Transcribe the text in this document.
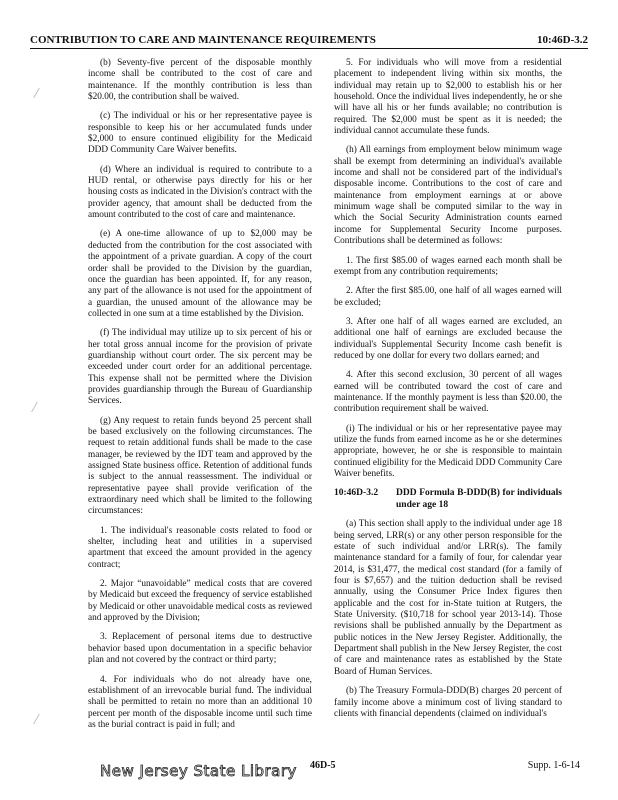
CONTRIBUTION TO CARE AND MAINTENANCE REQUIREMENTS	10:46D-3.2

(b) Seventy-five percent of the disposable monthly income shall be contributed to the cost of care and maintenance. If the monthly contribution is less than $20.00, the contribution shall be waived.

(c) The individual or his or her representative payee is responsible to keep his or her accumulated funds under $2,000 to ensure continued eligibility for the Medicaid DDD Community Care Waiver benefits.

(d) Where an individual is required to contribute to a HUD rental, or otherwise pays directly for his or her housing costs as indicated in the Division's contract with the provider agency, that amount shall be deducted from the amount contributed to the cost of care and maintenance.

(e) A one-time allowance of up to $2,000 may be deducted from the contribution for the cost associated with the appointment of a private guardian. A copy of the court order shall be provided to the Division by the guardian, once the guardian has been appointed. If, for any reason, any part of the allowance is not used for the appointment of a guardian, the unused amount of the allowance may be collected in one sum at a time established by the Division.

(f) The individual may utilize up to six percent of his or her total gross annual income for the provision of private guardianship without court order. The six percent may be exceeded under court order for an additional percentage. This expense shall not be permitted where the Division provides guardianship through the Bureau of Guardianship Services.

(g) Any request to retain funds beyond 25 percent shall be based exclusively on the following circumstances. The request to retain additional funds shall be made to the case manager, be reviewed by the IDT team and approved by the assigned State business office. Retention of additional funds is subject to the annual reassessment. The individual or representative payee shall provide verification of the extraordinary need which shall be limited to the following circumstances:

1. The individual's reasonable costs related to food or shelter, including heat and utilities in a supervised apartment that exceed the amount provided in the agency contract;

2. Major “unavoidable” medical costs that are covered by Medicaid but exceed the frequency of service established by Medicaid or other unavoidable medical costs as reviewed and approved by the Division;

3. Replacement of personal items due to destructive behavior based upon documentation in a specific behavior plan and not covered by the contract or third party;

4. For individuals who do not already have one, establishment of an irrevocable burial fund. The individual shall be permitted to retain no more than an additional 10 percent per month of the disposable income until such time as the burial contract is paid in full; and

5. For individuals who will move from a residential placement to independent living within six months, the individual may retain up to $2,000 to establish his or her household. Once the individual lives independently, he or she will have all his or her funds available; no contribution is required. The $2,000 must be spent as it is needed; the individual cannot accumulate these funds.

(h) All earnings from employment below minimum wage shall be exempt from determining an individual's available income and shall not be considered part of the individual's disposable income. Contributions to the cost of care and maintenance from employment earnings at or above minimum wage shall be computed similar to the way in which the Social Security Administration counts earned income for Supplemental Security Income purposes. Contributions shall be determined as follows:

1. The first $85.00 of wages earned each month shall be exempt from any contribution requirements;

2. After the first $85.00, one half of all wages earned will be excluded;

3. After one half of all wages earned are excluded, an additional one half of earnings are excluded because the individual's Supplemental Security Income cash benefit is reduced by one dollar for every two dollars earned; and

4. After this second exclusion, 30 percent of all wages earned will be contributed toward the cost of care and maintenance. If the monthly payment is less than $20.00, the contribution requirement shall be waived.

(i) The individual or his or her representative payee may utilize the funds from earned income as he or she determines appropriate, however, he or she is responsible to maintain continued eligibility for the Medicaid DDD Community Care Waiver benefits.

10:46D-3.2	DDD Formula B-DDD(B) for individuals under age 18

(a) This section shall apply to the individual under age 18 being served, LRR(s) or any other person responsible for the estate of such individual and/or LRR(s). The family maintenance standard for a family of four, for calendar year 2014, is $31,477, the medical cost standard (for a family of four is $7,657) and the tuition deduction shall be revised annually, using the Consumer Price Index figures then applicable and the cost for in-State tuition at Rutgers, the State University. ($10,718 for school year 2013-14). Those revisions shall be published annually by the Department as public notices in the New Jersey Register. Additionally, the Department shall publish in the New Jersey Register, the cost of care and maintenance rates as established by the State Board of Human Services.

(b) The Treasury Formula-DDD(B) charges 20 percent of family income above a minimum cost of living standard to clients with financial dependents (claimed on individual's

New Jersey State Library 46D-5	Supp. 1-6-14
